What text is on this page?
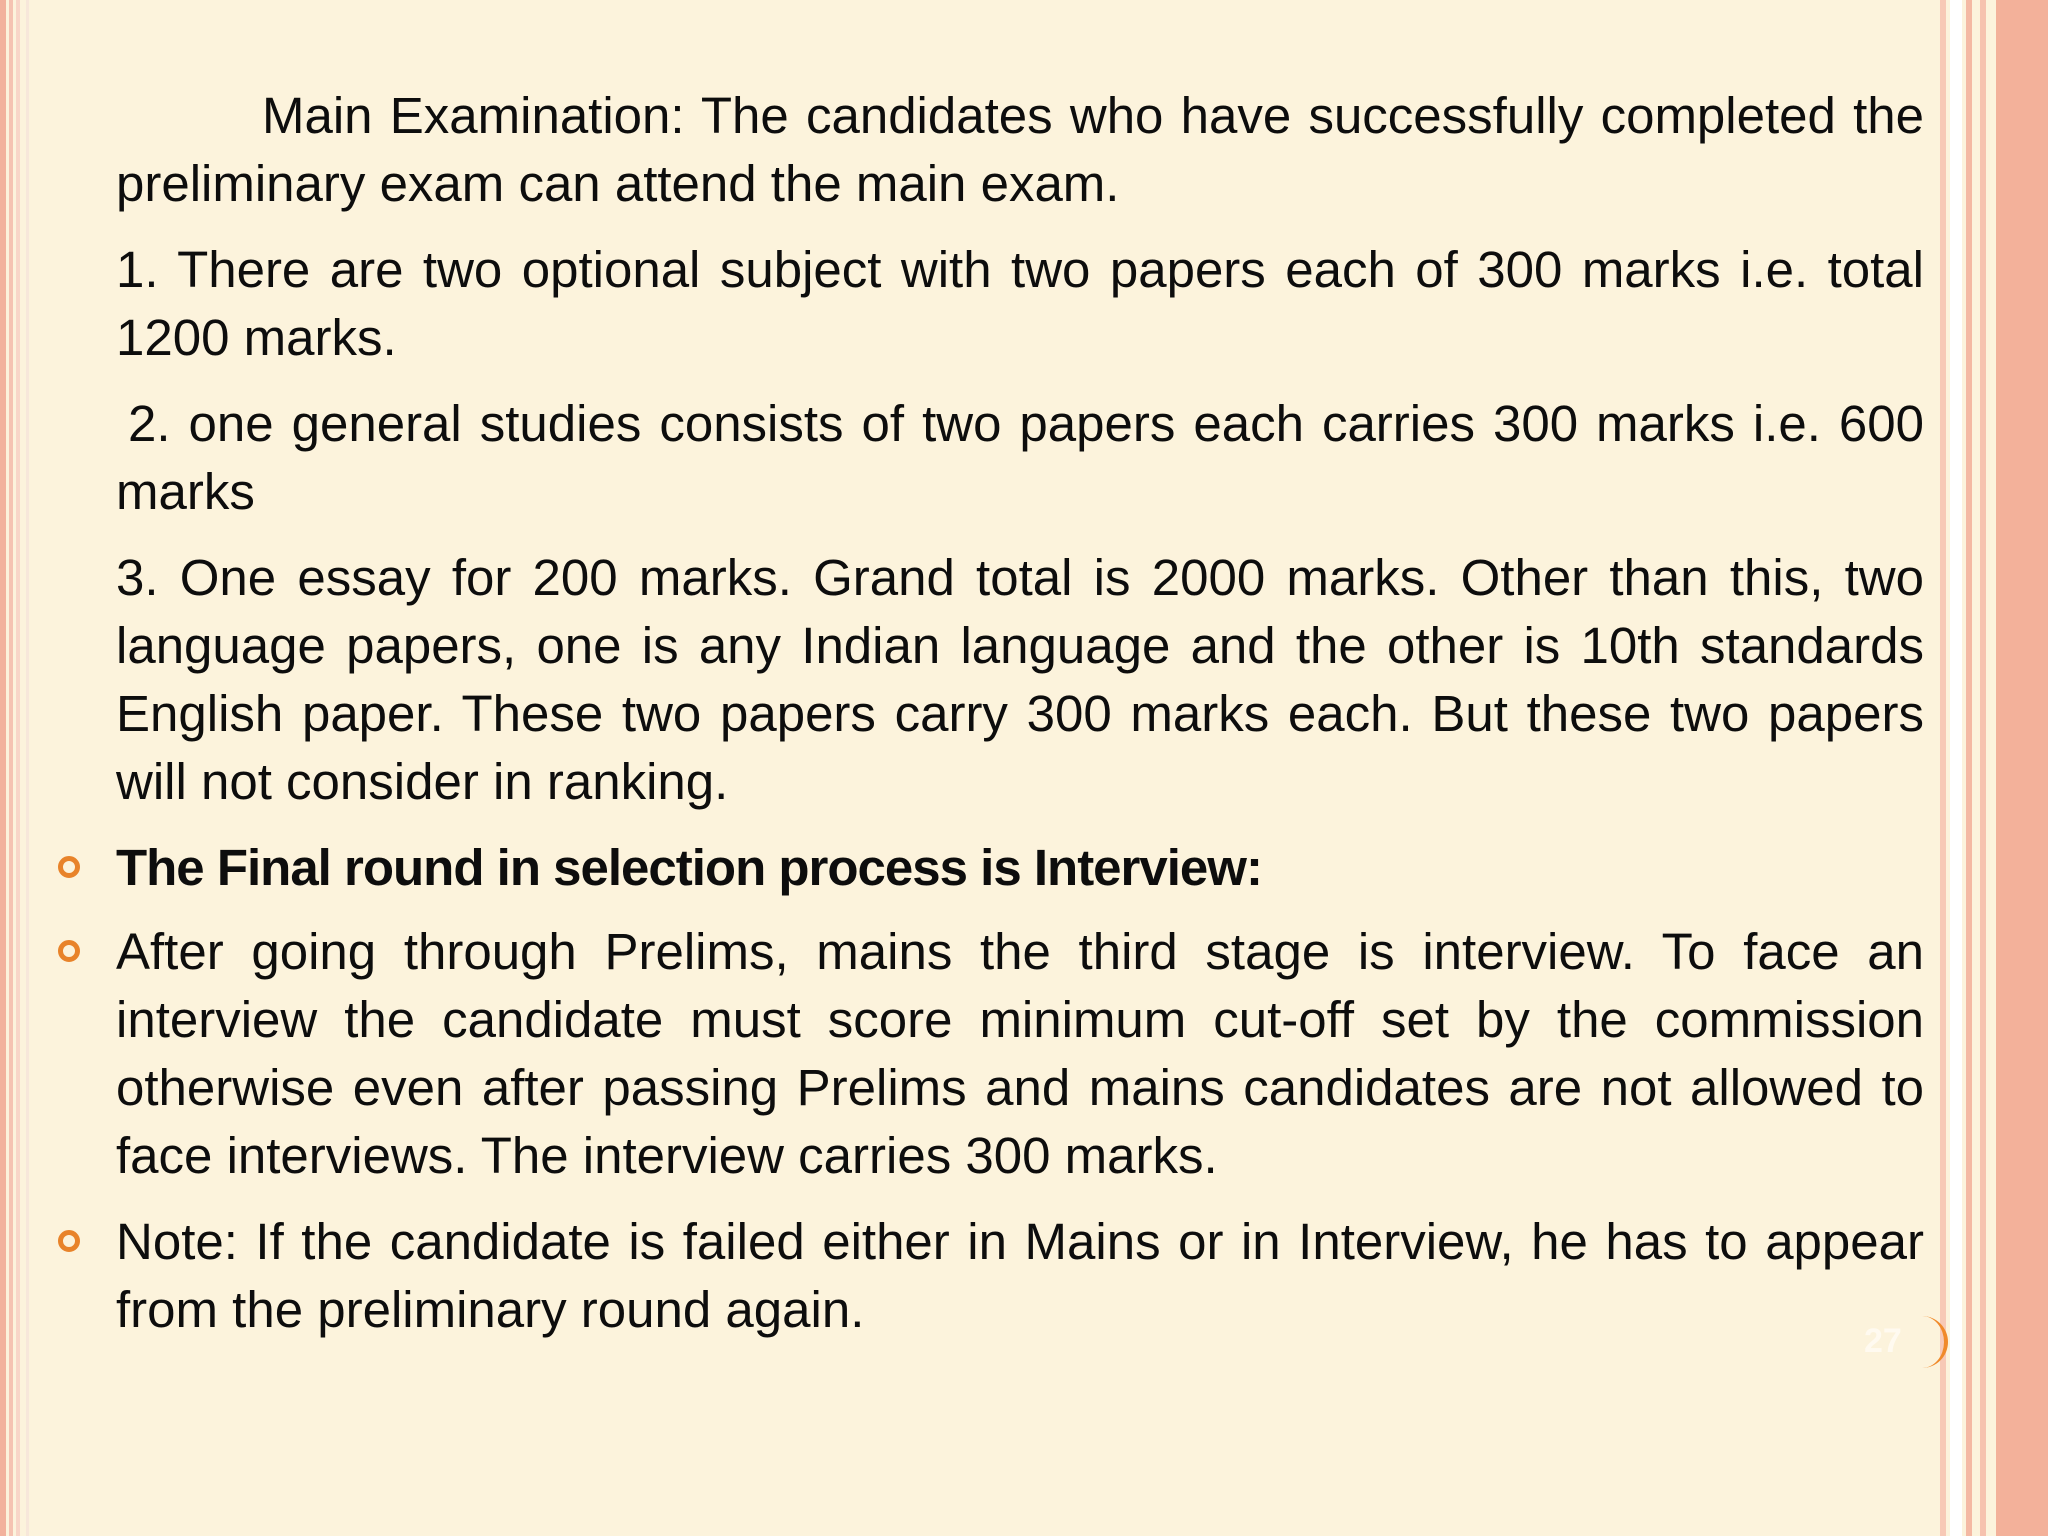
Main Examination: The candidates who have successfully completed the preliminary exam can attend the main exam.
1. There are two optional subject with two papers each of 300 marks i.e. total 1200 marks.
2. one general studies consists of two papers each carries 300 marks i.e. 600 marks
3. One essay for 200 marks. Grand total is 2000 marks. Other than this, two language papers, one is any Indian language and the other is 10th standards English paper. These two papers carry 300 marks each. But these two papers will not consider in ranking.
The Final round in selection process is Interview:
After going through Prelims, mains the third stage is interview. To face an interview the candidate must score minimum cut-off set by the commission otherwise even after passing Prelims and mains candidates are not allowed to face interviews. The interview carries 300 marks.
Note: If the candidate is failed either in Mains or in Interview, he has to appear from the preliminary round again.
27
